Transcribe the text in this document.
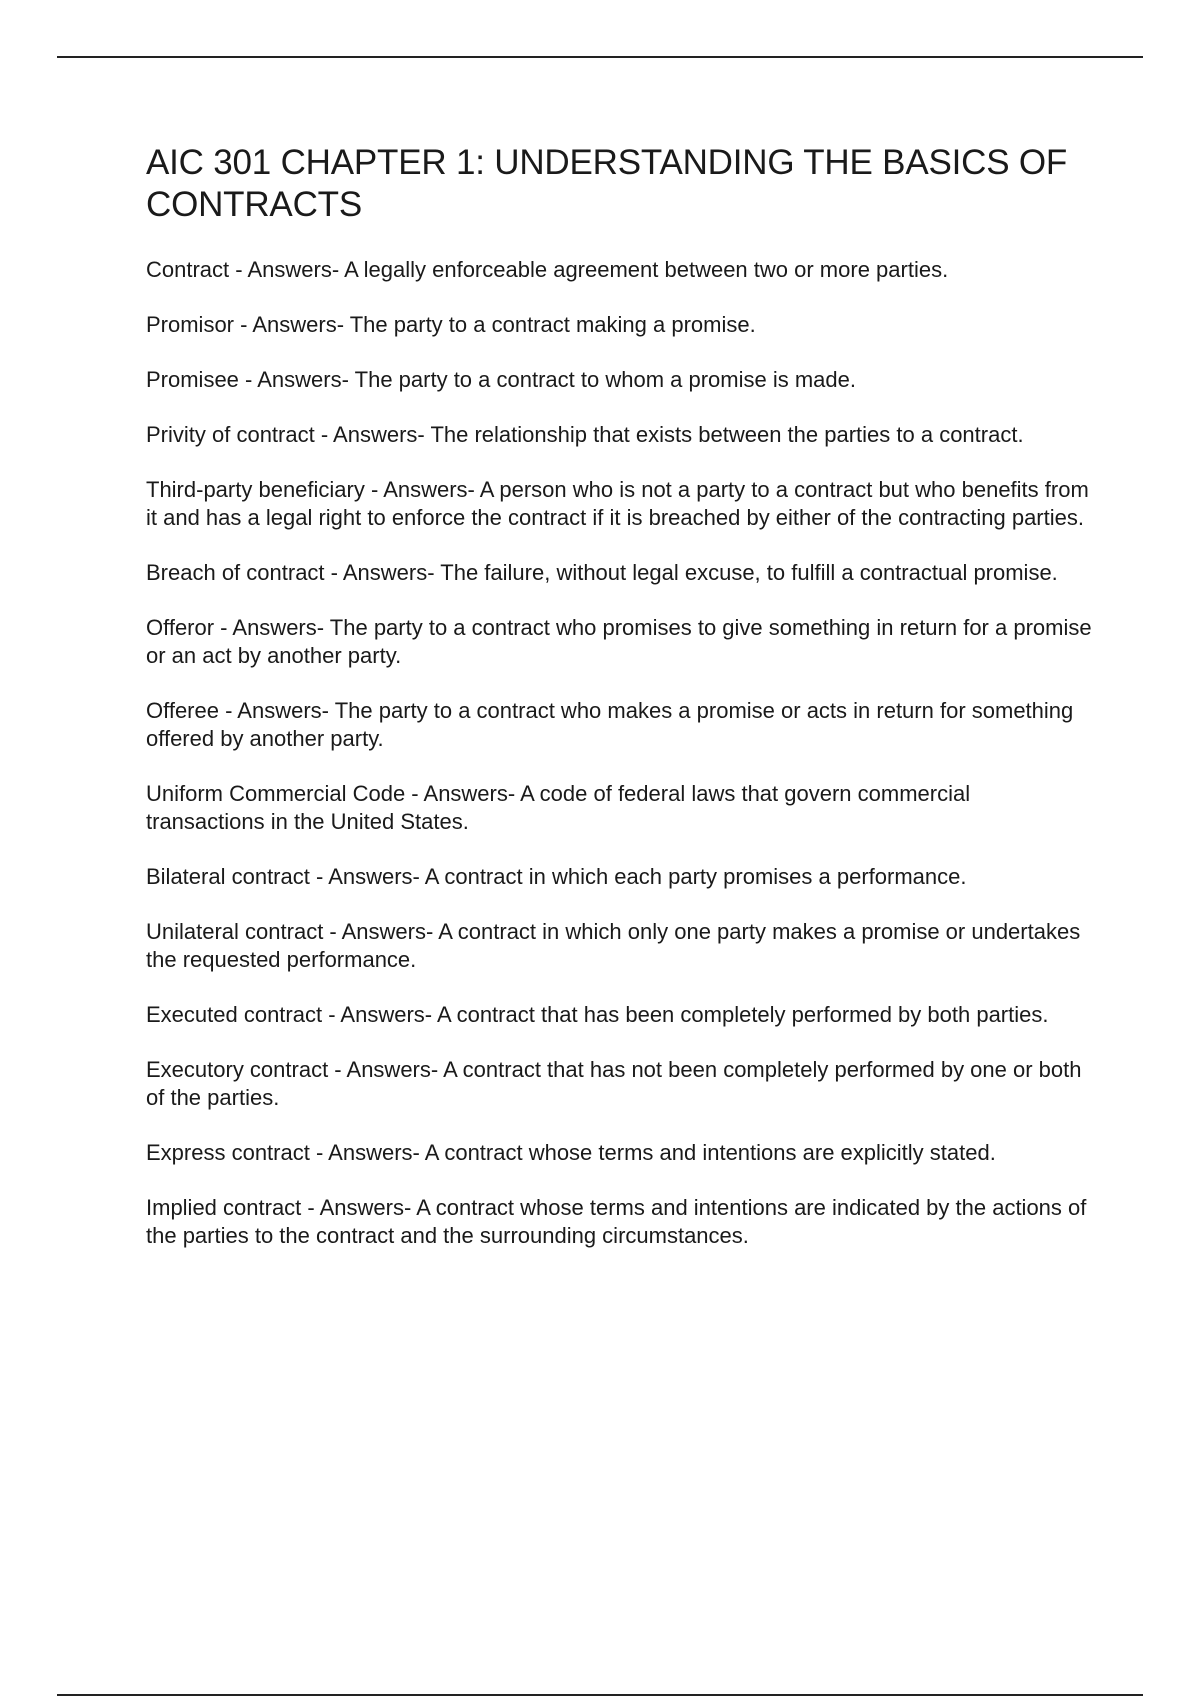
AIC 301 CHAPTER 1: UNDERSTANDING THE BASICS OF CONTRACTS
Contract - Answers- A legally enforceable agreement between two or more parties.
Promisor - Answers- The party to a contract making a promise.
Promisee - Answers- The party to a contract to whom a promise is made.
Privity of contract - Answers- The relationship that exists between the parties to a contract.
Third-party beneficiary - Answers- A person who is not a party to a contract but who benefits from it and has a legal right to enforce the contract if it is breached by either of the contracting parties.
Breach of contract - Answers- The failure, without legal excuse, to fulfill a contractual promise.
Offeror - Answers- The party to a contract who promises to give something in return for a promise or an act by another party.
Offeree - Answers- The party to a contract who makes a promise or acts in return for something offered by another party.
Uniform Commercial Code - Answers- A code of federal laws that govern commercial transactions in the United States.
Bilateral contract - Answers- A contract in which each party promises a performance.
Unilateral contract - Answers- A contract in which only one party makes a promise or undertakes the requested performance.
Executed contract - Answers- A contract that has been completely performed by both parties.
Executory contract - Answers- A contract that has not been completely performed by one or both of the parties.
Express contract - Answers- A contract whose terms and intentions are explicitly stated.
Implied contract - Answers- A contract whose terms and intentions are indicated by the actions of the parties to the contract and the surrounding circumstances.
